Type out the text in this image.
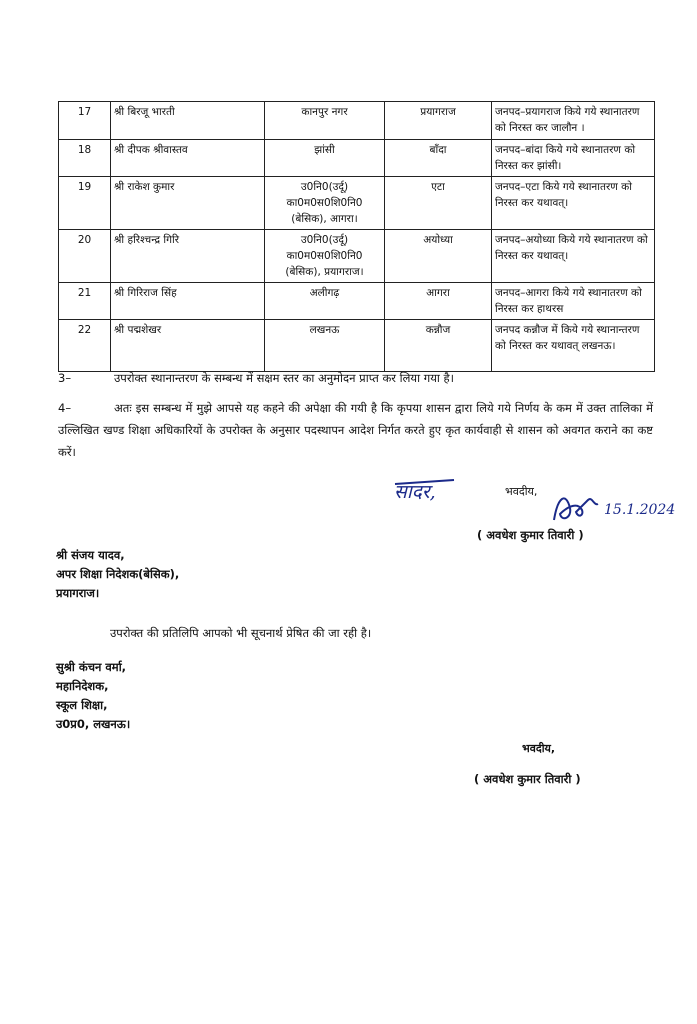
17	श्री बिरजू भारती	कानपुर नगर	प्रयागराज	जनपद–प्रयागराज किये गये स्थानातरण को निरस्त कर जालौन ।
18	श्री दीपक श्रीवास्तव	झांसी	बाँदा	जनपद–बांदा किये गये स्थानातरण को निरस्त कर झांसी।
19	श्री राकेश कुमार	उ0नि0(उर्दू) का0म0स0शि0नि0 (बेसिक), आगरा।	एटा	जनपद–एटा किये गये स्थानातरण को निरस्त कर यथावत्।
20	श्री हरिश्चन्द्र गिरि	उ0नि0(उर्दू) का0म0स0शि0नि0 (बेसिक), प्रयागराज।	अयोध्या	जनपद–अयोध्या किये गये स्थानातरण को निरस्त कर यथावत्।
21	श्री गिरिराज सिंह	अलीगढ़	आगरा	जनपद–आगरा किये गये स्थानातरण को निरस्त कर हाथरस
22	श्री पद्मशेखर	लखनऊ	कन्नौज	जनपद कन्नौज में किये गये स्थानान्तरण को निरस्त कर यथावत् लखनऊ।
3–	उपरोक्त स्थानान्तरण के सम्बन्ध में सक्षम स्तर का अनुमोदन प्राप्त कर लिया गया है।
4–	अतः इस सम्बन्ध में मुझे आपसे यह कहने की अपेक्षा की गयी है कि कृपया शासन द्वारा लिये गये निर्णय के कम में उक्त तालिका में उल्लिखित खण्ड शिक्षा अधिकारियों के उपरोक्त के अनुसार पदस्थापन आदेश निर्गत करते हुए कृत कार्यवाही से शासन को अवगत कराने का कष्ट करें।
सादर,	भवदीय,
15.1.2024
( अवधेश कुमार तिवारी )
श्री संजय यादव,
अपर शिक्षा निदेशक(बेसिक),
प्रयागराज।
उपरोक्त की प्रतिलिपि आपको भी सूचनार्थ प्रेषित की जा रही है।
सुश्री कंचन वर्मा,
महानिदेशक,
स्कूल शिक्षा,
उ0प्र0, लखनऊ।
भवदीय,
( अवधेश कुमार तिवारी )
